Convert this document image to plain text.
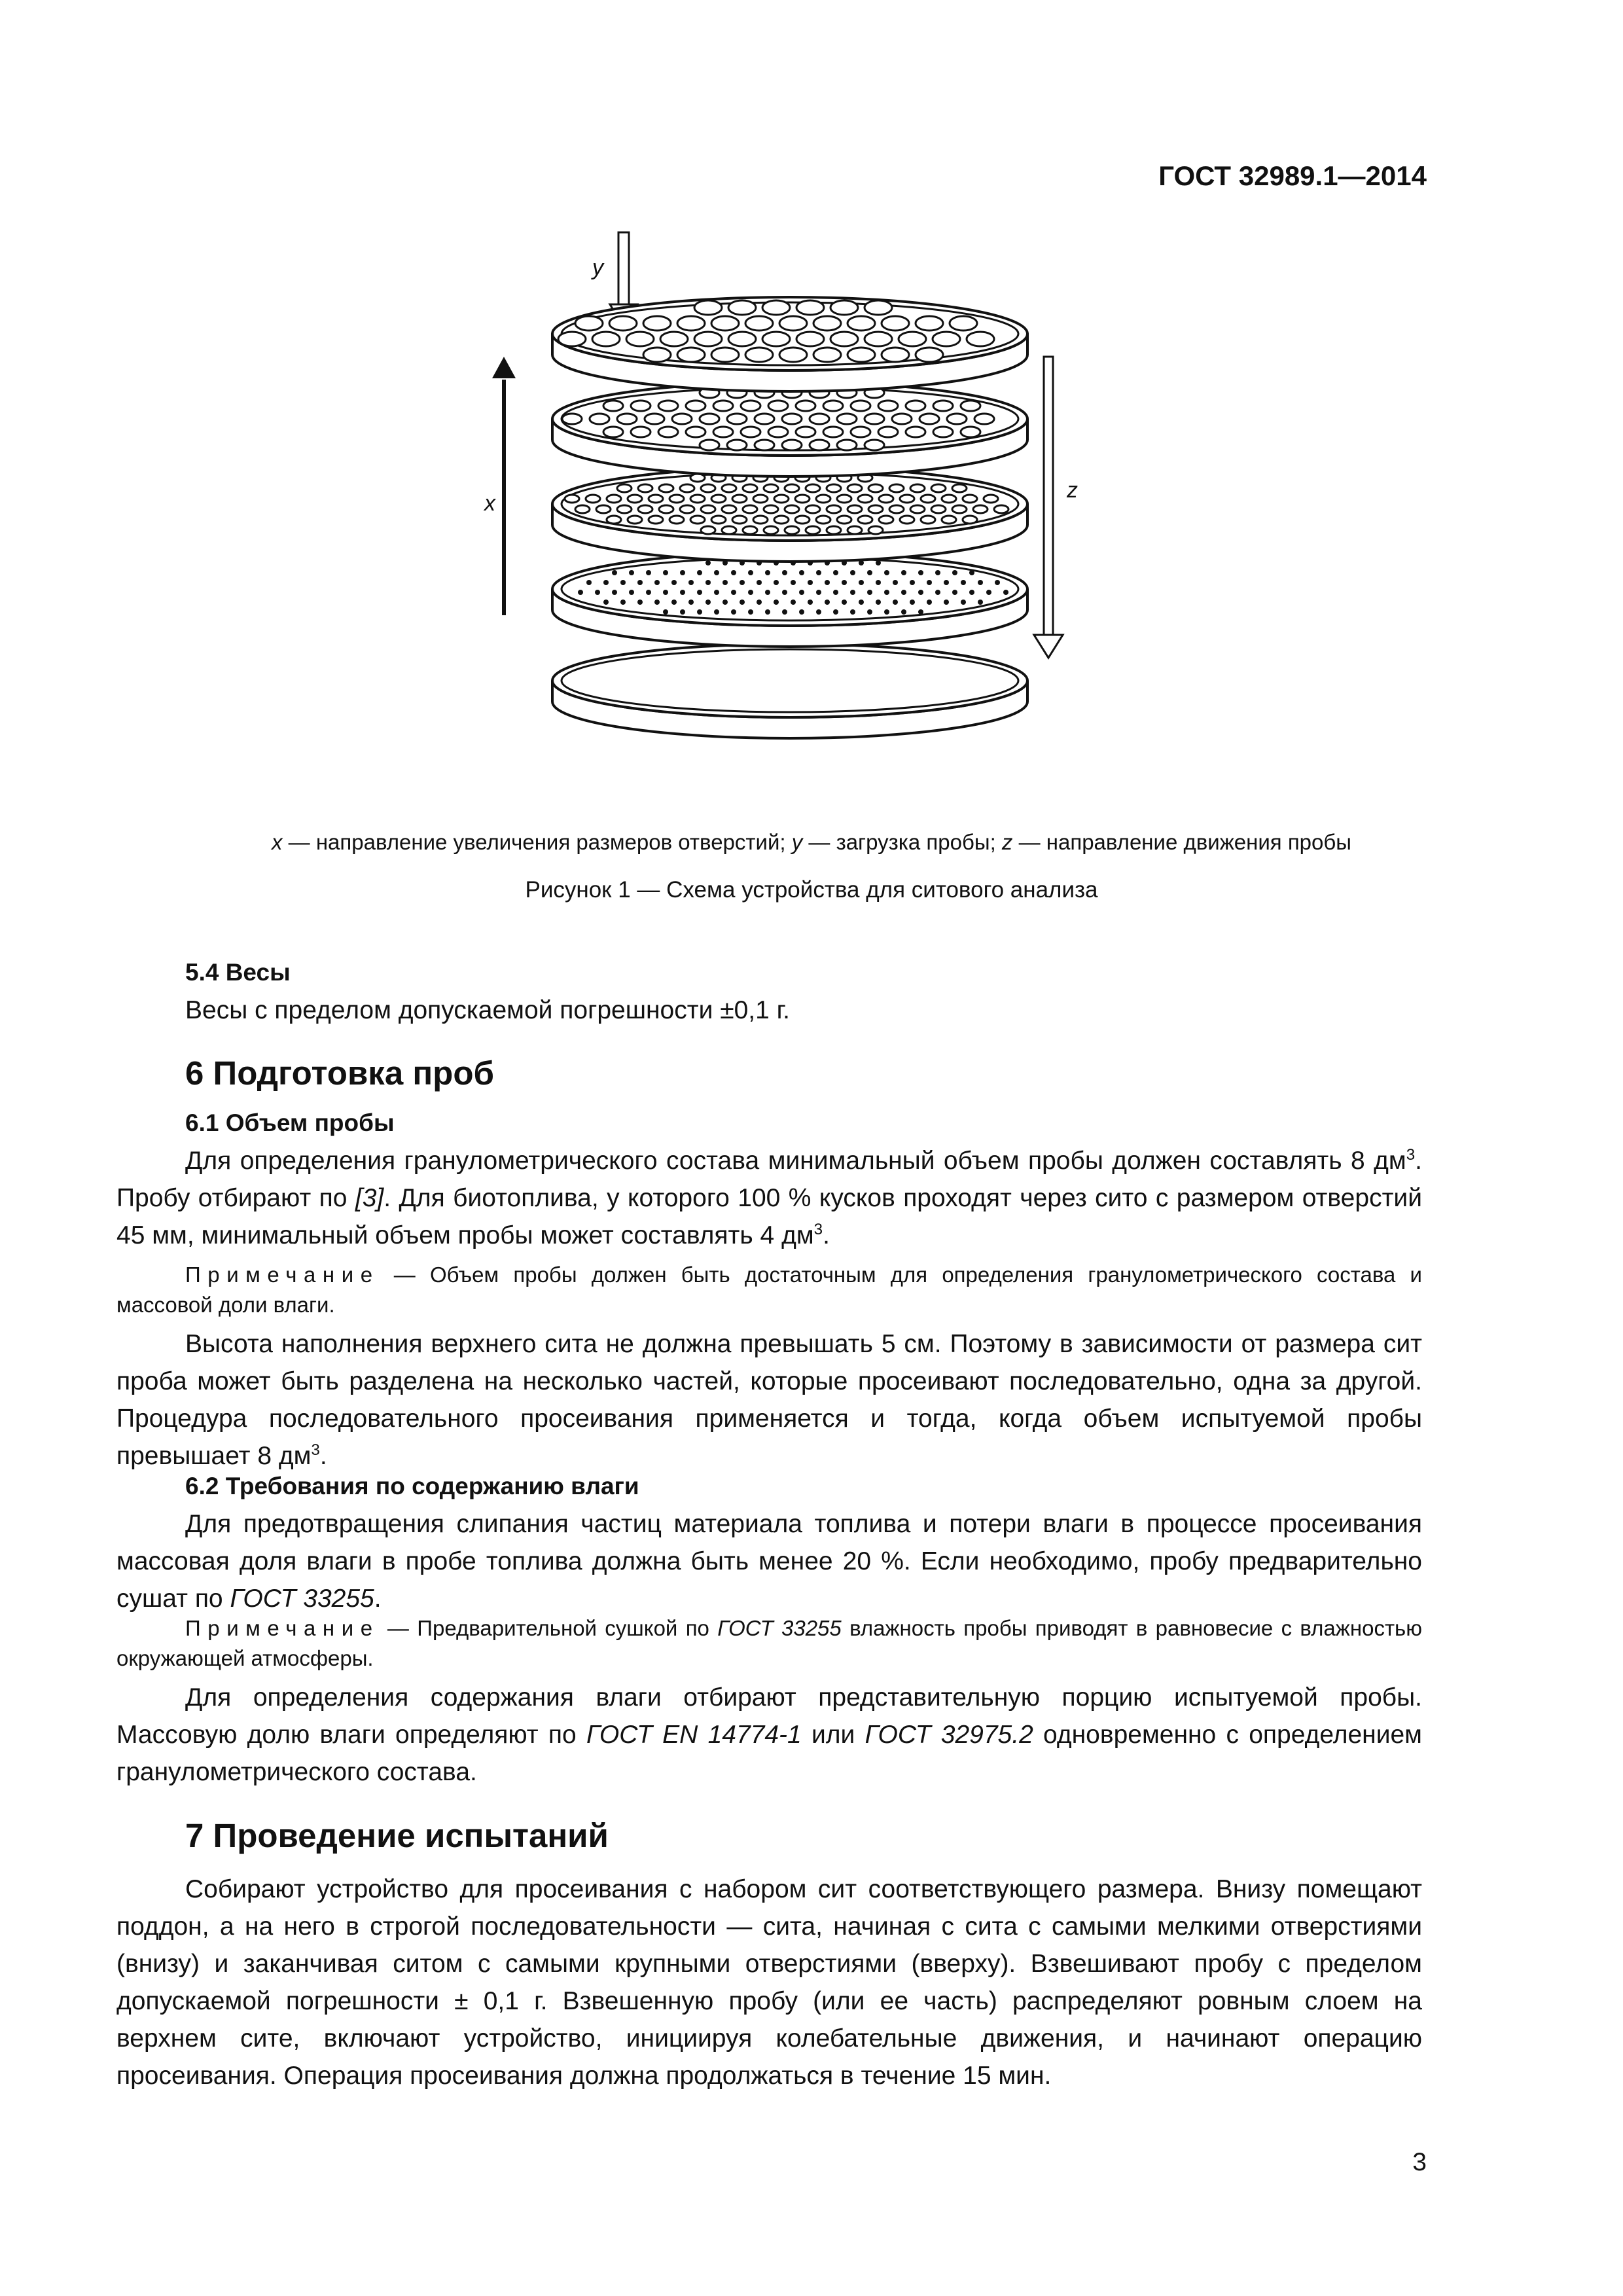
ГОСТ 32989.1—2014
x
z
y
x — направление увеличения размеров отверстий; y — загрузка пробы; z — направление движения пробы
Рисунок 1 — Схема устройства для ситового анализа
5.4 Весы
Весы с пределом допускаемой погрешности ±0,1 г.
6 Подготовка проб
6.1 Объем пробы
Для определения гранулометрического состава минимальный объем пробы должен составлять 8 $дм^3$. Пробу отбирают по [3]. Для биотоплива, у которого 100 % кусков проходят через сито с размером отверстий 45 мм, минимальный объем пробы может составлять 4 $дм^3$.
Примечание — Объем пробы должен быть достаточным для определения гранулометрического состава и массовой доли влаги.
Высота наполнения верхнего сита не должна превышать 5 см. Поэтому в зависимости от размера сит проба может быть разделена на несколько частей, которые просеивают последовательно, одна за другой. Процедура последовательного просеивания применяется и тогда, когда объем испытуемой пробы превышает 8 $дм^3$.
6.2 Требования по содержанию влаги
Для предотвращения слипания частиц материала топлива и потери влаги в процессе просеивания массовая доля влаги в пробе топлива должна быть менее 20 %. Если необходимо, пробу предварительно сушат по ГОСТ 33255.
Примечание — Предварительной сушкой по ГОСТ 33255 влажность пробы приводят в равновесие с влажностью окружающей атмосферы.
Для определения содержания влаги отбирают представительную порцию испытуемой пробы. Массовую долю влаги определяют по ГОСТ EN 14774-1 или ГОСТ 32975.2 одновременно с определением гранулометрического состава.
7 Проведение испытаний
Собирают устройство для просеивания с набором сит соответствующего размера. Внизу помещают поддон, а на него в строгой последовательности — сита, начиная с сита с самыми мелкими отверстиями (внизу) и заканчивая ситом с самыми крупными отверстиями (вверху). Взвешивают пробу с пределом допускаемой погрешности ± 0,1 г. Взвешенную пробу (или ее часть) распределяют ровным слоем на верхнем сите, включают устройство, инициируя колебательные движения, и начинают операцию просеивания. Операция просеивания должна продолжаться в течение 15 мин.
3
